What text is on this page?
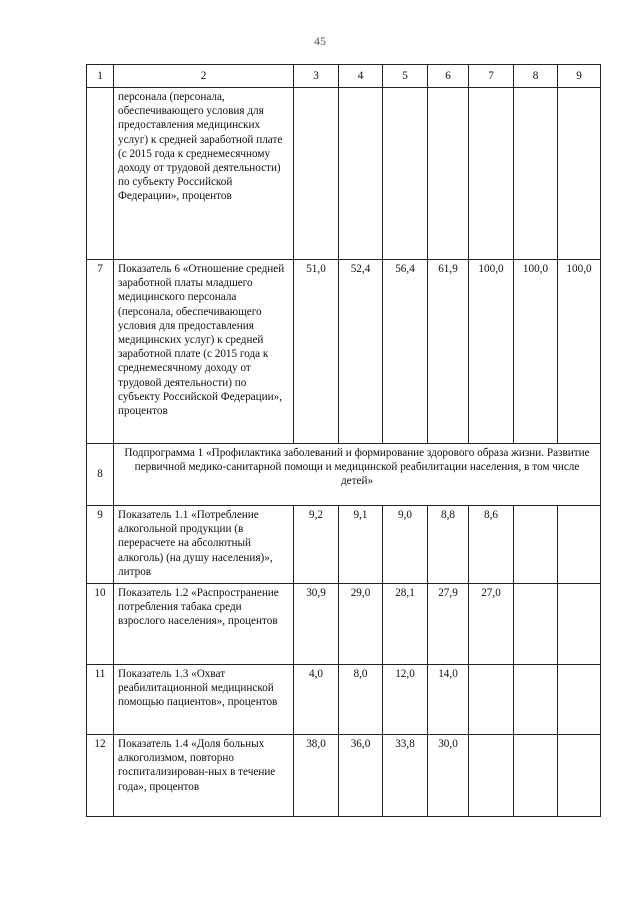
45
1	2	3	4	5	6	7	8	9
	персонала (персонала, обеспечивающего условия для предоставления медицинских услуг) к средней заработной плате (с 2015 года к среднемесячному доходу от трудовой деятельности) по субъекту Российской Федерации», процентов							
7	Показатель 6 «Отношение средней заработной платы младшего медицинского персонала (персонала, обеспечивающего условия для предоставления медицинских услуг) к средней заработной плате (с 2015 года к среднемесячному доходу от трудовой деятельности) по субъекту Российской Федерации», процентов	51,0	52,4	56,4	61,9	100,0	100,0	100,0
8	Подпрограмма 1 «Профилактика заболеваний и формирование здорового образа жизни. Развитие первичной медико-санитарной помощи и медицинской реабилитации населения, в том числе детей»							
9	Показатель 1.1 «Потребление алкогольной продукции (в перерасчете на абсолютный алкоголь) (на душу населения)», литров	9,2	9,1	9,0	8,8	8,6		
10	Показатель 1.2 «Распространение потребления табака среди взрослого населения», процентов	30,9	29,0	28,1	27,9	27,0		
11	Показатель 1.3 «Охват реабилитационной медицинской помощью пациентов», процентов	4,0	8,0	12,0	14,0			
12	Показатель 1.4 «Доля больных алкоголизмом, повторно госпитализирован-ных в течение года», процентов	38,0	36,0	33,8	30,0			
